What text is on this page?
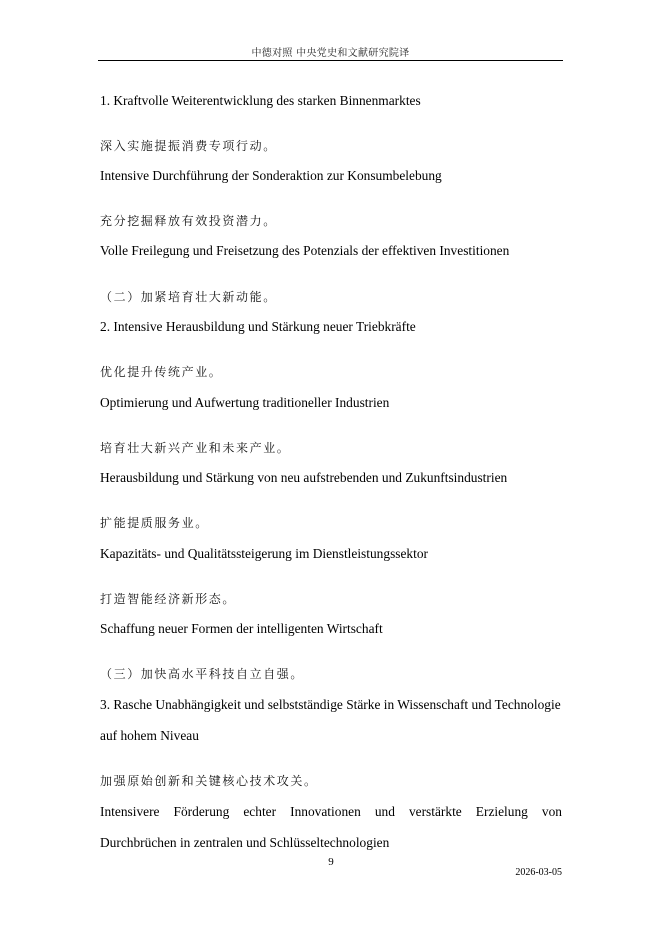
中德对照 中央党史和文献研究院译
1. Kraftvolle Weiterentwicklung des starken Binnenmarktes
深入实施提振消费专项行动。
Intensive Durchführung der Sonderaktion zur Konsumbelebung
充分挖掘释放有效投资潜力。
Volle Freilegung und Freisetzung des Potenzials der effektiven Investitionen
（二）加紧培育壮大新动能。
2. Intensive Herausbildung und Stärkung neuer Triebkräfte
优化提升传统产业。
Optimierung und Aufwertung traditioneller Industrien
培育壮大新兴产业和未来产业。
Herausbildung und Stärkung von neu aufstrebenden und Zukunftsindustrien
扩能提质服务业。
Kapazitäts- und Qualitätssteigerung im Dienstleistungssektor
打造智能经济新形态。
Schaffung neuer Formen der intelligenten Wirtschaft
（三）加快高水平科技自立自强。
3. Rasche Unabhängigkeit und selbstständige Stärke in Wissenschaft und Technologie
auf hohem Niveau
加强原始创新和关键核心技术攻关。
Intensivere Förderung echter Innovationen und verstärkte Erzielung von
Durchbrüchen in zentralen und Schlüsseltechnologien
9
2026-03-05
